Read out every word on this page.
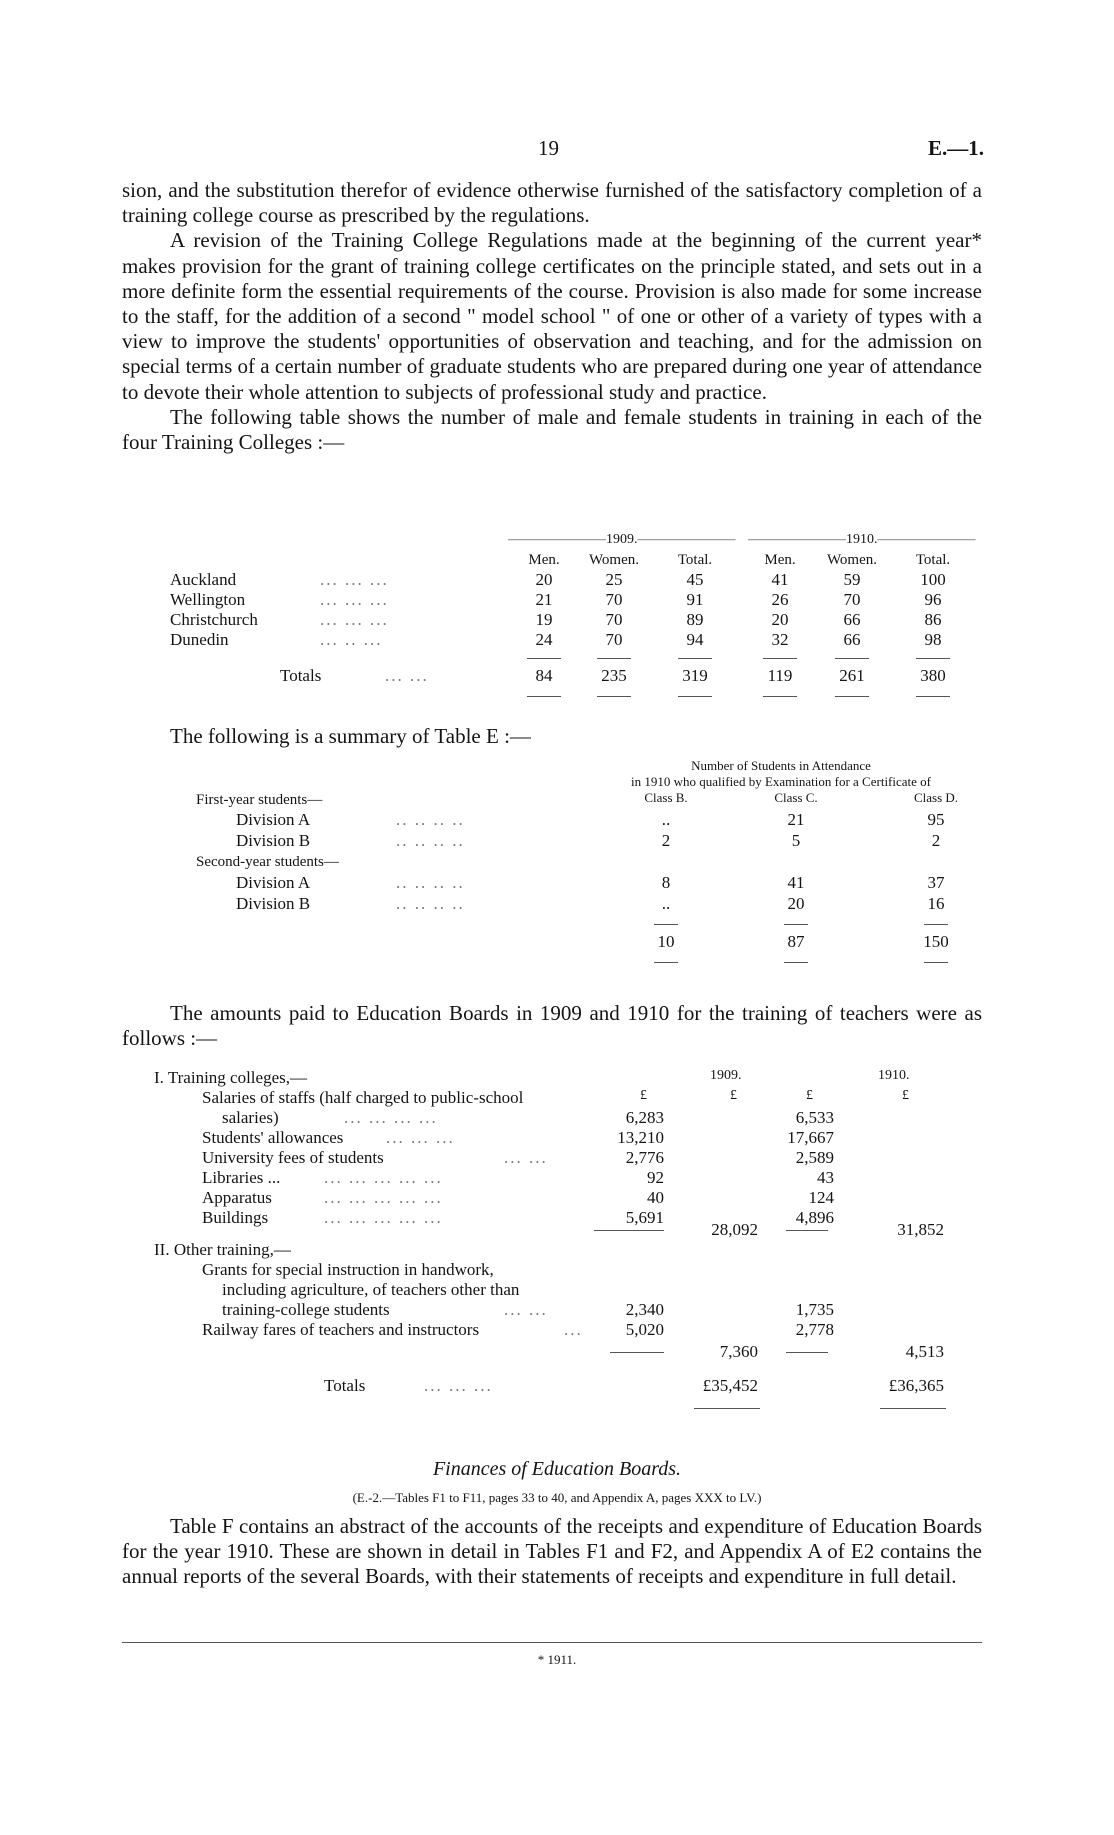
19	E.—1.

sion, and the substitution therefor of evidence otherwise furnished of the satisfactory completion of a training college course as prescribed by the regulations.

A revision of the Training College Regulations made at the beginning of the current year* makes provision for the grant of training college certificates on the principle stated, and sets out in a more definite form the essential requirements of the course. Provision is also made for some increase to the staff, for the addition of a second " model school " of one or other of a variety of types with a view to improve the students' opportunities of observation and teaching, and for the admission on special terms of a certain number of graduate students who are prepared during one year of attendance to devote their whole attention to subjects of professional study and practice.

The following table shows the number of male and female students in training in each of the four Training Colleges :—

———————1909.——————— ———————1910.———————
Men.	Women.	Total.	Men.	Women.	Total.
Auckland	... ... ...	20	25	45	41	59	100
Wellington	... ... ...	21	70	91	26	70	96
Christchurch	... ... ...	19	70	89	20	66	86
Dunedin	... .. ...	24	70	94	32	66	98
Totals	... ...	84	235	319	119	261	380
The following is a summary of Table E :—
Number of Students in Attendance
in 1910 who qualified by Examination for a Certificate of
Class B.	Class C.	Class D.
First-year students—
Division A	.. .. .. ..	..	21	95
Division B	.. .. .. ..	2	5	2
Second-year students—
Division A	.. .. .. ..	8	41	37
Division B	.. .. .. ..	..	20	16
10	87	150

The amounts paid to Education Boards in 1909 and 1910 for the training of teachers were as follows :—

1909.	1910.
I. Training colleges,—
Salaries of staffs (half charged to public-school	£	£	£	£
salaries)	... ... ... ...	6,283	6,533
Students' allowances	... ... ...	13,210	17,667
University fees of students	... ...	2,776	2,589
Libraries ...	... ... ... ... ...	92	43
Apparatus	... ... ... ... ...	40	124
Buildings	... ... ... ... ...	5,691	4,896
28,092	31,852
II. Other training,—
Grants for special instruction in handwork,
including agriculture, of teachers other than
training-college students	... ...	2,340	1,735
Railway fares of teachers and instructors	...	5,020	2,778
7,360	4,513
Totals	... ... ...	£35,452	£36,365
Finances of Education Boards.
(E.-2.—Tables F1 to F11, pages 33 to 40, and Appendix A, pages XXX to LV.)

Table F contains an abstract of the accounts of the receipts and expenditure of Education Boards for the year 1910. These are shown in detail in Tables F1 and F2, and Appendix A of E2 contains the annual reports of the several Boards, with their statements of receipts and expenditure in full detail.

* 1911.
